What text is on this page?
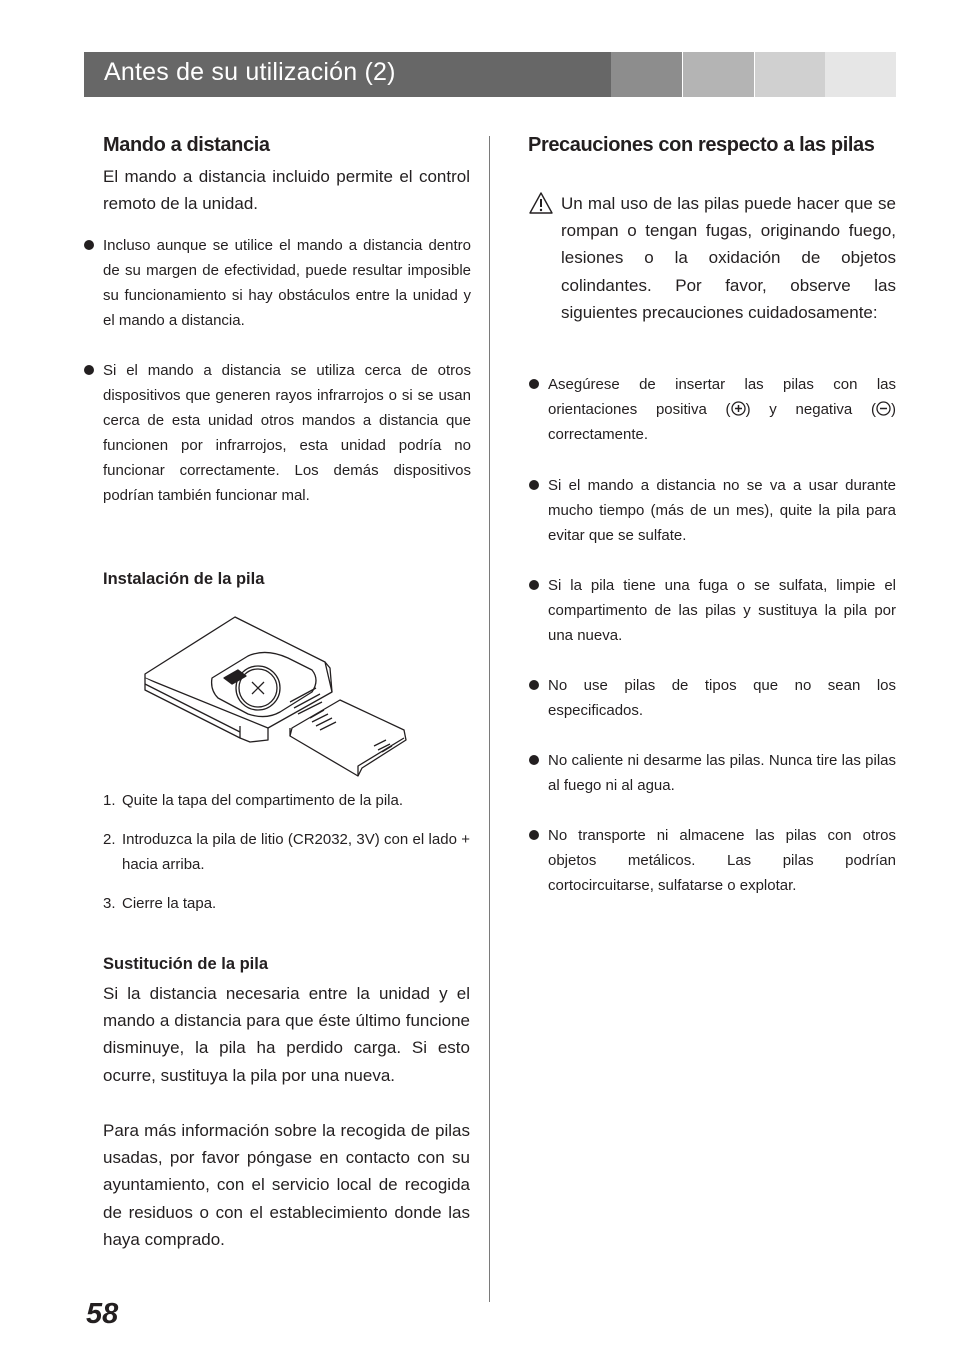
Antes de su utilización (2)
Mando a distancia
El mando a distancia incluido permite el control remoto de la unidad.
Incluso aunque se utilice el mando a distancia dentro de su margen de efectividad, puede resultar imposible su funcionamiento si hay obstáculos entre la unidad y el mando a distancia.
Si el mando a distancia se utiliza cerca de otros dispositivos que generen rayos infrarrojos o si se usan cerca de esta unidad otros mandos a distancia que funcionen por infrarrojos, esta unidad podría no funcionar correctamente. Los demás dispositivos podrían también funcionar mal.
Instalación de la pila
1. Quite la tapa del compartimento de la pila.
2. Introduzca la pila de litio (CR2032, 3V) con el lado + hacia arriba.
3. Cierre la tapa.
Sustitución de la pila
Si la distancia necesaria entre la unidad y el mando a distancia para que éste último funcione disminuye, la pila ha perdido carga. Si esto ocurre, sustituya la pila por una nueva.
Para más información sobre la recogida de pilas usadas, por favor póngase en contacto con su ayuntamiento, con el servicio local de recogida de residuos o con el establecimiento donde las haya comprado.
Precauciones con respecto a las pilas
Un mal uso de las pilas puede hacer que se rompan o tengan fugas, originando fuego, lesiones o la oxidación de objetos colindantes. Por favor, observe las siguientes precauciones cuidadosamente:
Asegúrese de insertar las pilas con las orientaciones positiva ( ) y negativa ( ) correctamente.
Si el mando a distancia no se va a usar durante mucho tiempo (más de un mes), quite la pila para evitar que se sulfate.
Si la pila tiene una fuga o se sulfata, limpie el compartimento de las pilas y sustituya la pila por una nueva.
No use pilas de tipos que no sean los especificados.
No caliente ni desarme las pilas. Nunca tire las pilas al fuego ni al agua.
No transporte ni almacene las pilas con otros objetos metálicos. Las pilas podrían cortocircuitarse, sulfatarse o explotar.
58
